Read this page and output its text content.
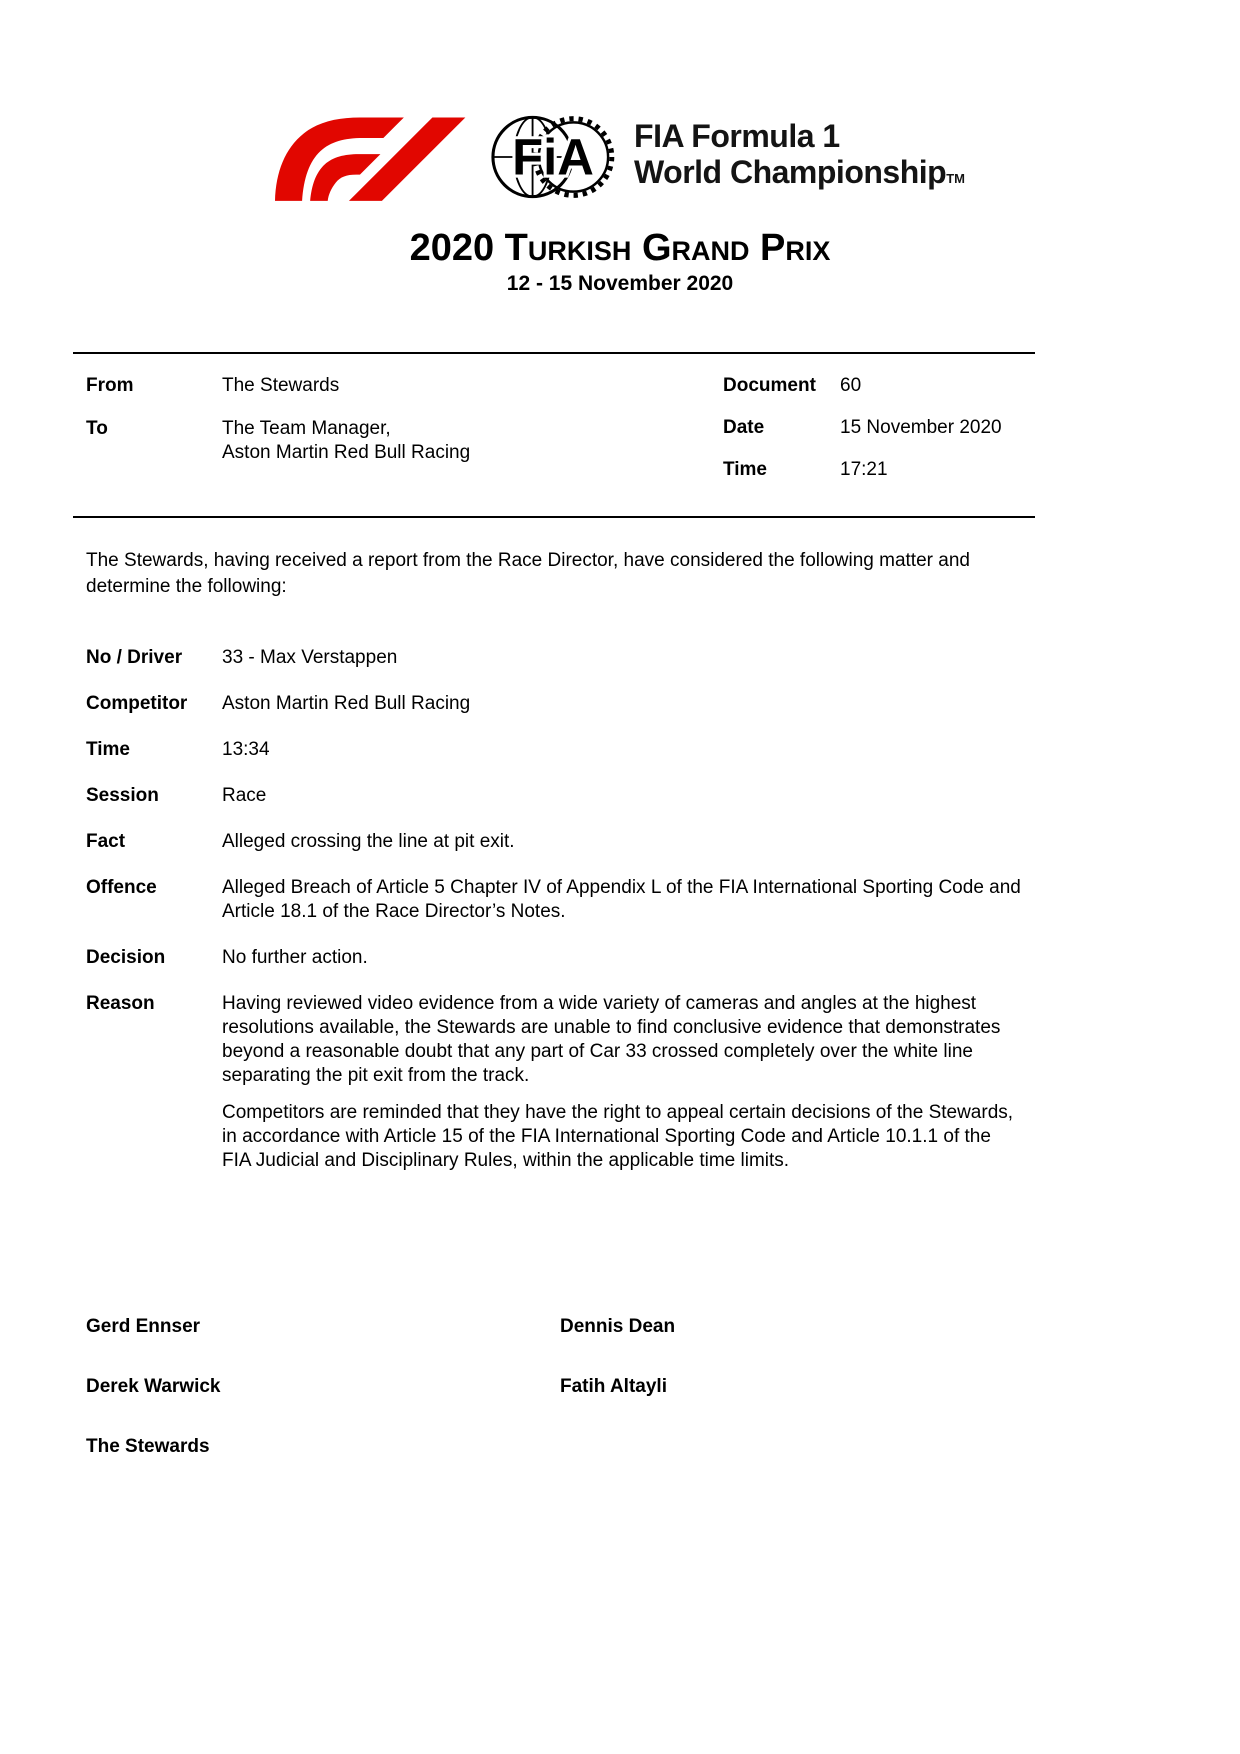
FiA FIA Formula 1
World ChampionshipTM
2020 Turkish Grand Prix
12 - 15 November 2020
From	The Stewards
To	The Team Manager,
Aston Martin Red Bull Racing
Document	60
Date	15 November 2020
Time	17:21

The Stewards, having received a report from the Race Director, have considered the following matter and determine the following:

No / Driver	33 - Max Verstappen
Competitor	Aston Martin Red Bull Racing
Time	13:34
Session	Race
Fact	Alleged crossing the line at pit exit.
Offence	Alleged Breach of Article 5 Chapter IV of Appendix L of the FIA International Sporting Code and Article 18.1 of the Race Director’s Notes.
Decision	No further action.
Reason	Having reviewed video evidence from a wide variety of cameras and angles at the highest resolutions available, the Stewards are unable to find conclusive evidence that demonstrates beyond a reasonable doubt that any part of Car 33 crossed completely over the white line separating the pit exit from the track.

Competitors are reminded that they have the right to appeal certain decisions of the Stewards, in accordance with Article 15 of the FIA International Sporting Code and Article 10.1.1 of the FIA Judicial and Disciplinary Rules, within the applicable time limits.

Gerd Ennser	Dennis Dean
Derek Warwick	Fatih Altayli
The Stewards
